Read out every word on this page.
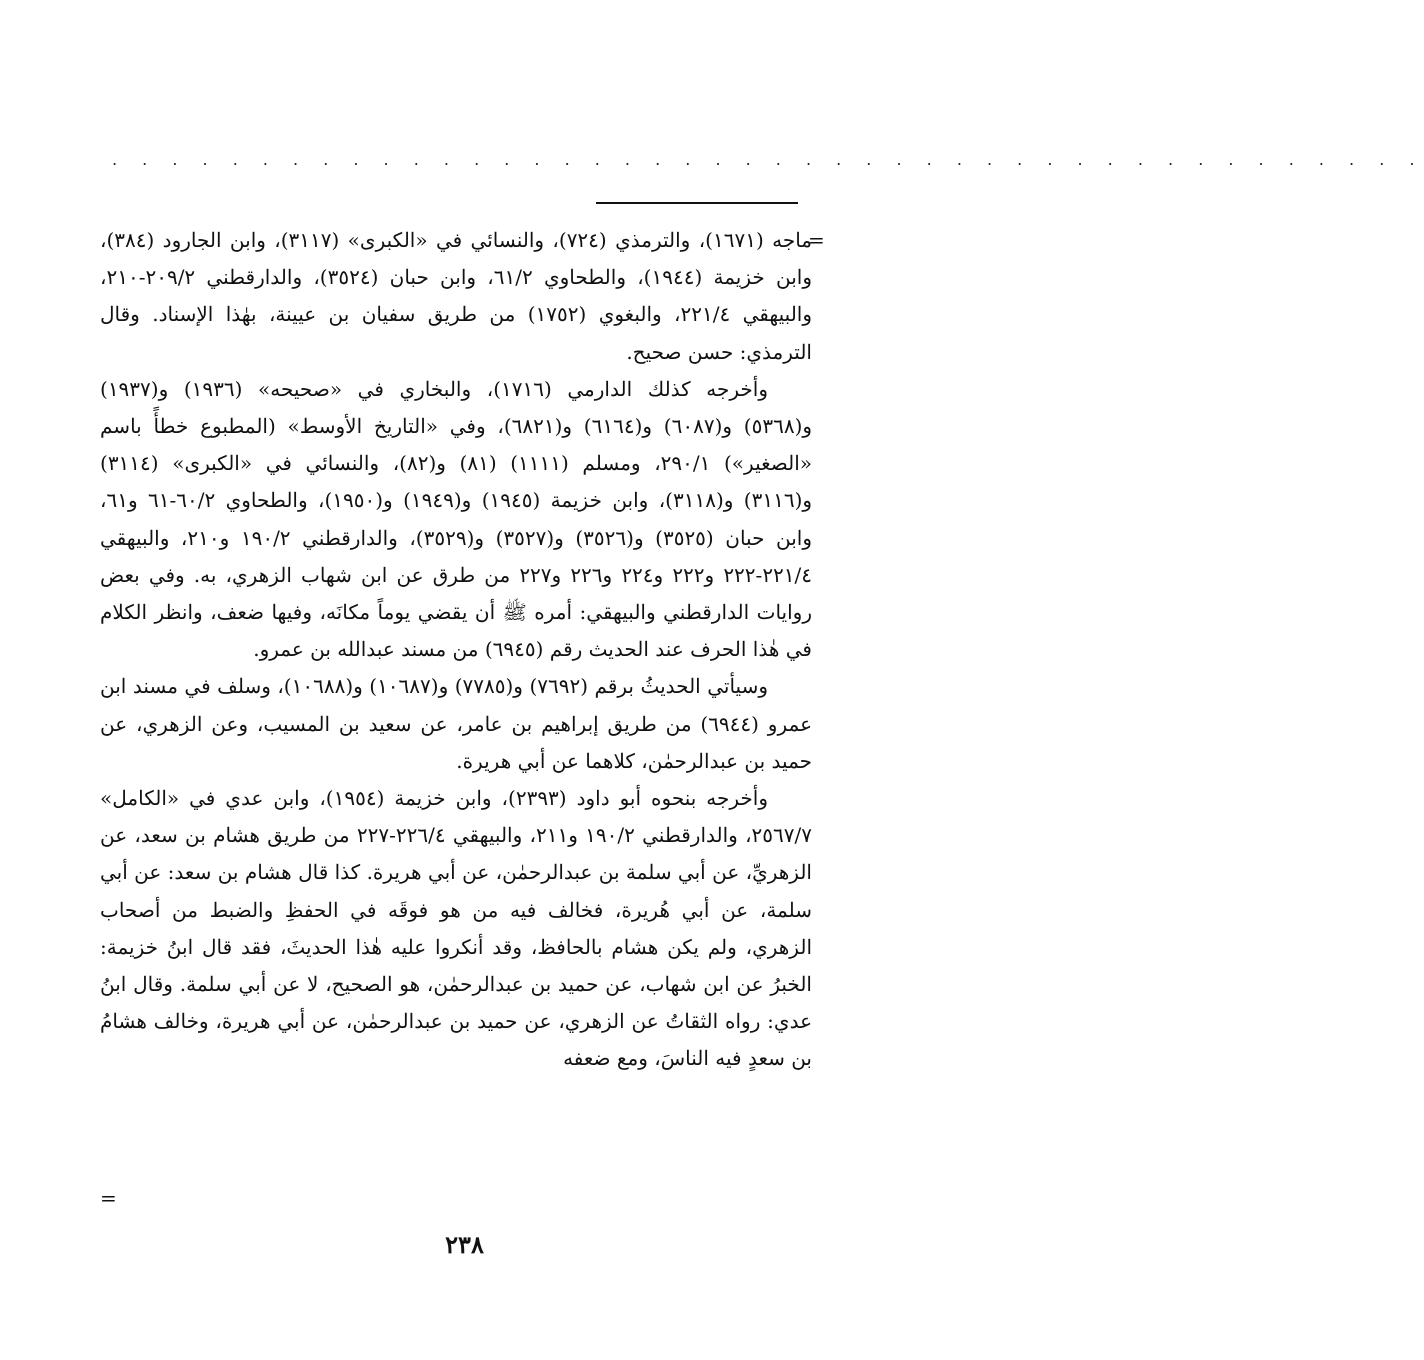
. . . . . . . . . . . . . . . . . . . . . . . . . . . . . . . . . . . . . . . . . . . .
=

ماجه (١٦٧١)، والترمذي (٧٢٤)، والنسائي في «الكبرى» (٣١١٧)، وابن الجارود (٣٨٤)، وابن خزيمة (١٩٤٤)، والطحاوي ٦١/٢، وابن حبان (٣٥٢٤)، والدارقطني ٢٠٩/٢-٢١٠، والبيهقي ٢٢١/٤، والبغوي (١٧٥٢) من طريق سفيان بن عيينة، بهٰذا الإسناد. وقال الترمذي: حسن صحيح.

وأخرجه كذلك الدارمي (١٧١٦)، والبخاري في «صحيحه» (١٩٣٦) و(١٩٣٧) و(٥٣٦٨) و(٦٠٨٧) و(٦١٦٤) و(٦٨٢١)، وفي «التاريخ الأوسط» (المطبوع خطأً باسم «الصغير») ٢٩٠/١، ومسلم (١١١١) (٨١) و(٨٢)، والنسائي في «الكبرى» (٣١١٤) و(٣١١٦) و(٣١١٨)، وابن خزيمة (١٩٤٥) و(١٩٤٩) و(١٩٥٠)، والطحاوي ٦٠/٢-٦١ و٦١، وابن حبان (٣٥٢٥) و(٣٥٢٦) و(٣٥٢٧) و(٣٥٢٩)، والدارقطني ١٩٠/٢ و٢١٠، والبيهقي ٢٢١/٤-٢٢٢ و٢٢٢ و٢٢٤ و٢٢٦ و٢٢٧ من طرق عن ابن شهاب الزهري، به. وفي بعض روايات الدارقطني والبيهقي: أمره ﷺ أن يقضي يوماً مكانَه، وفيها ضعف، وانظر الكلام في هٰذا الحرف عند الحديث رقم (٦٩٤٥) من مسند عبدالله بن عمرو.

وسيأتي الحديثُ برقم (٧٦٩٢) و(٧٧٨٥) و(١٠٦٨٧) و(١٠٦٨٨)، وسلف في مسند ابن عمرو (٦٩٤٤) من طريق إبراهيم بن عامر، عن سعيد بن المسيب، وعن الزهري، عن حميد بن عبدالرحمٰن، كلاهما عن أبي هريرة.

وأخرجه بنحوه أبو داود (٢٣٩٣)، وابن خزيمة (١٩٥٤)، وابن عدي في «الكامل» ٢٥٦٧/٧، والدارقطني ١٩٠/٢ و٢١١، والبيهقي ٢٢٦/٤-٢٢٧ من طريق هشام بن سعد، عن الزهريِّ، عن أبي سلمة بن عبدالرحمٰن، عن أبي هريرة. كذا قال هشام بن سعد: عن أبي سلمة، عن أبي هُريرة، فخالف فيه من هو فوقَه في الحفظِ والضبط من أصحاب الزهري، ولم يكن هشام بالحافظ، وقد أنكروا عليه هٰذا الحديثَ، فقد قال ابنُ خزيمة: الخبرُ عن ابن شهاب، عن حميد بن عبدالرحمٰن، هو الصحيح، لا عن أبي سلمة. وقال ابنُ عدي: رواه الثقاتُ عن الزهري، عن حميد بن عبدالرحمٰن، عن أبي هريرة، وخالف هشامُ بن سعدٍ فيه الناسَ، ومع ضعفه

=
٢٣٨
